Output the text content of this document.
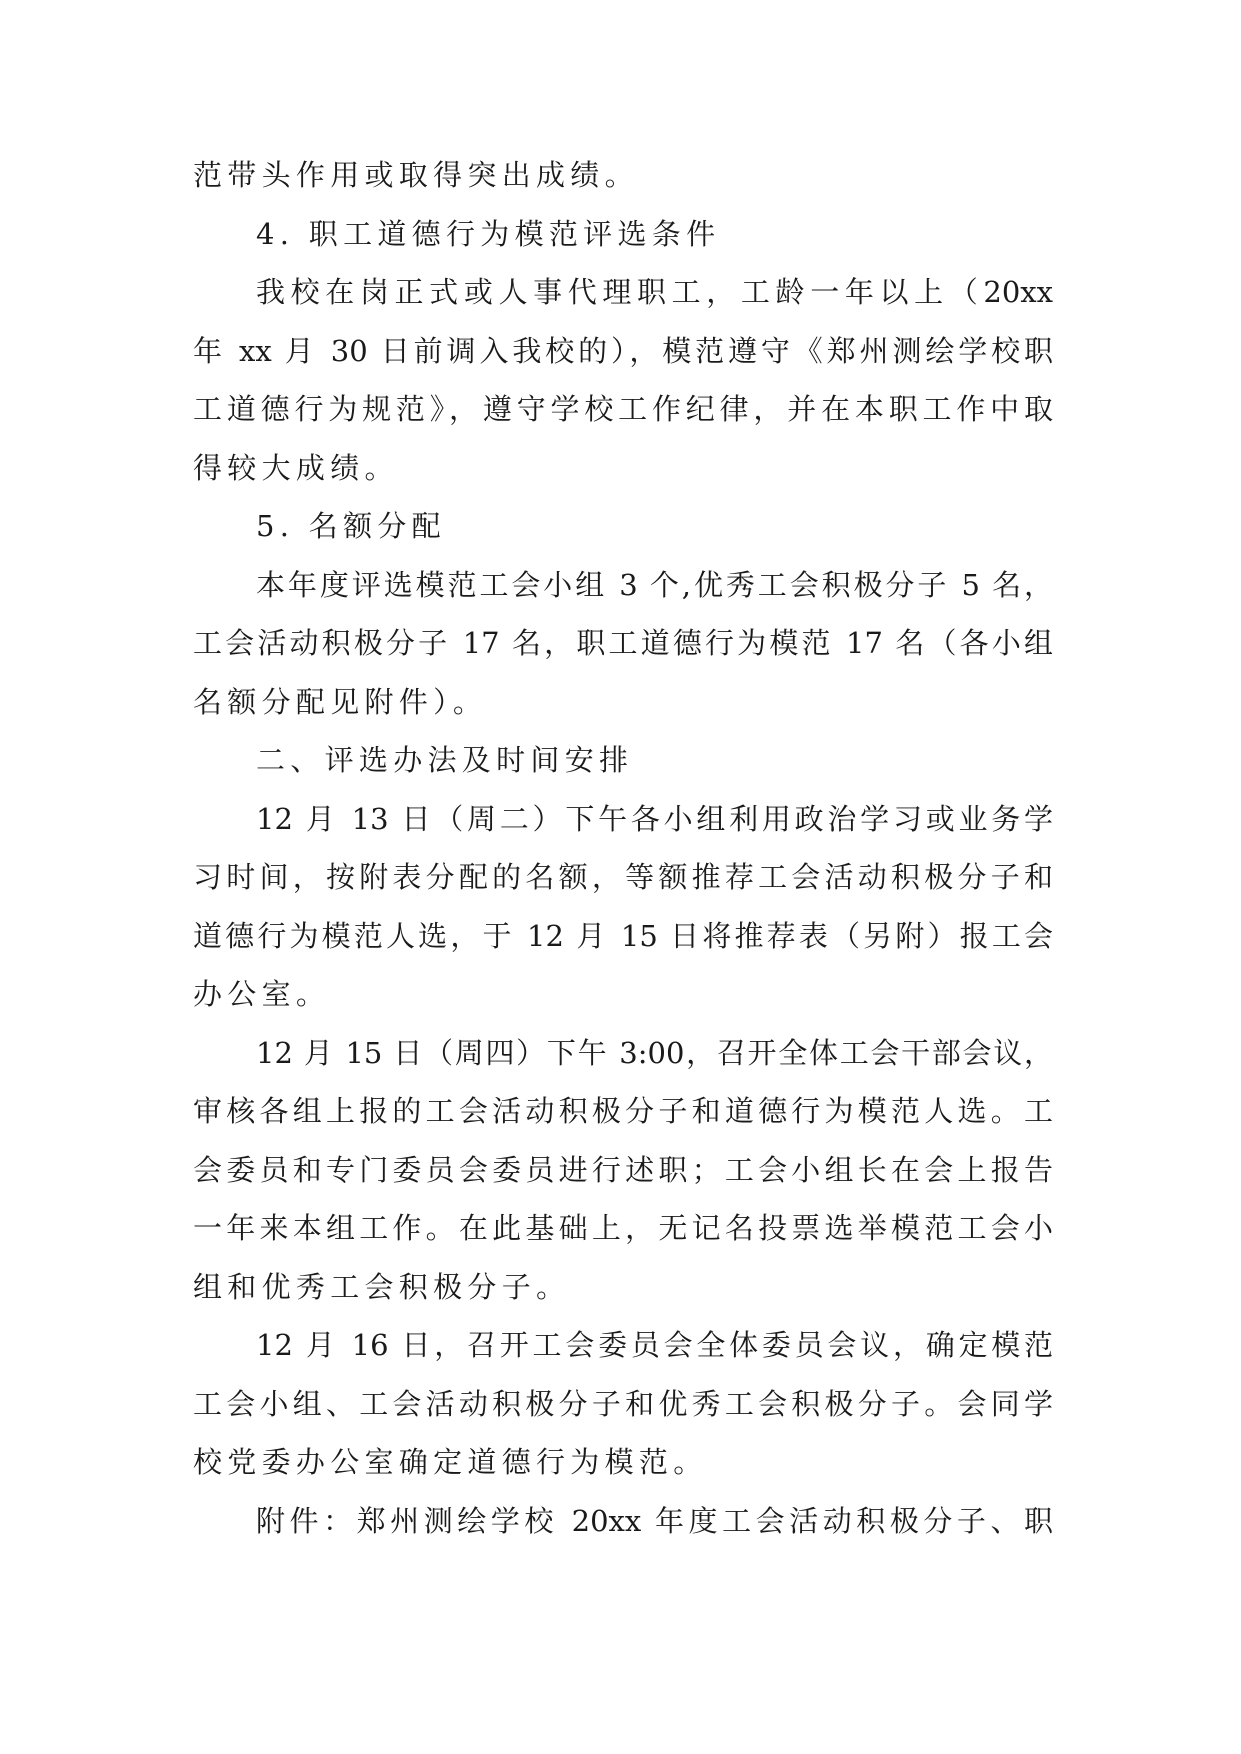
范带头作用或取得突出成绩。
4. 职工道德行为模范评选条件
我校在岗正式或人事代理职工，工龄一年以上（20xx
年 xx 月 30 日前调入我校的），模范遵守《郑州测绘学校职
工道德行为规范》，遵守学校工作纪律，并在本职工作中取
得较大成绩。
5. 名额分配
本年度评选模范工会小组 3 个,优秀工会积极分子 5 名，
工会活动积极分子 17 名，职工道德行为模范 17 名（各小组
名额分配见附件）。
二、评选办法及时间安排
12 月 13 日（周二）下午各小组利用政治学习或业务学
习时间，按附表分配的名额，等额推荐工会活动积极分子和
道德行为模范人选，于 12 月 15 日将推荐表（另附）报工会
办公室。
12 月 15 日（周四）下午 3:00，召开全体工会干部会议，
审核各组上报的工会活动积极分子和道德行为模范人选。工
会委员和专门委员会委员进行述职；工会小组长在会上报告
一年来本组工作。在此基础上，无记名投票选举模范工会小
组和优秀工会积极分子。
12 月 16 日，召开工会委员会全体委员会议，确定模范
工会小组、工会活动积极分子和优秀工会积极分子。会同学
校党委办公室确定道德行为模范。
附件：郑州测绘学校 20xx 年度工会活动积极分子、职
